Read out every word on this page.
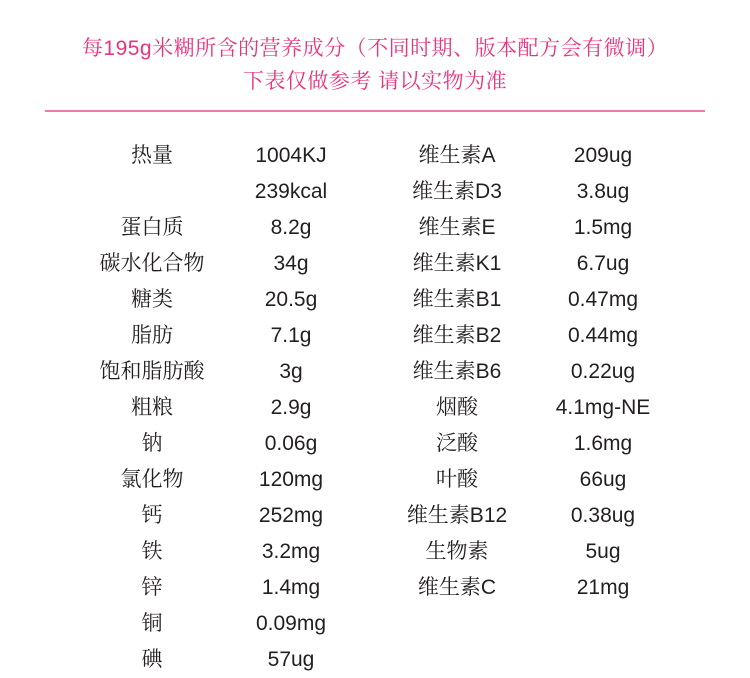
每195g米糊所含的营养成分（不同时期、版本配方会有微调）
下表仅做参考 请以实物为准
热量	1004KJ		维生素A	209ug
	239kcal		维生素D3	3.8ug
蛋白质	8.2g		维生素E	1.5mg
碳水化合物	34g		维生素K1	6.7ug
糖类	20.5g		维生素B1	0.47mg
脂肪	7.1g		维生素B2	0.44mg
饱和脂肪酸	3g		维生素B6	0.22ug
粗粮	2.9g		烟酸	4.1mg-NE
钠	0.06g		泛酸	1.6mg
氯化物	120mg		叶酸	66ug
钙	252mg		维生素B12	0.38ug
铁	3.2mg		生物素	5ug
锌	1.4mg		维生素C	21mg
铜	0.09mg			
碘	57ug			
